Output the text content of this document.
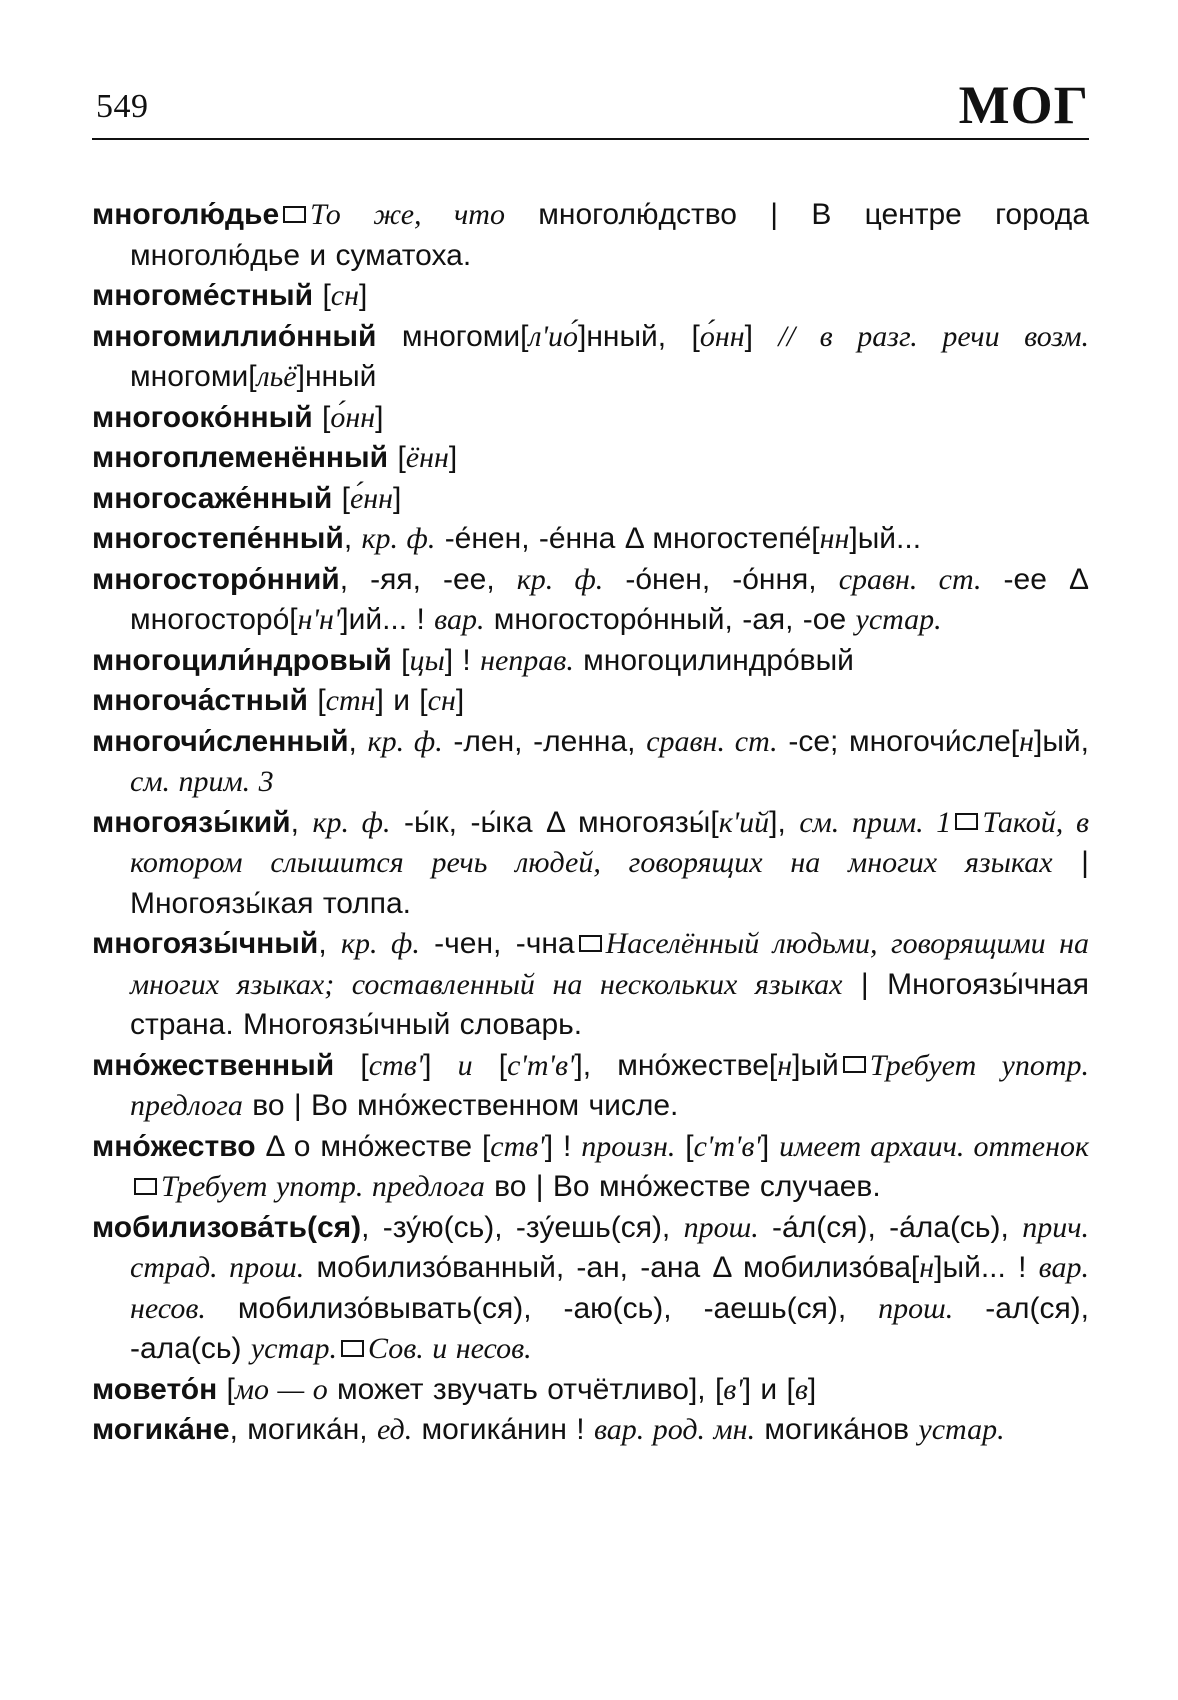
549	МОГ
многолю́дье То же, что многолю́дство | В центре города многолю́дье и суматоха.
многоме́стный [сн]
многомиллио́нный многоми[л'ио́]нный, [о́нн] // в разг. речи возм. многоми[льё]нный
многооко́нный [о́нн]
многоплеменённый [ённ]
многосаже́нный [е́нн]
многостепе́нный, кр. ф. -е́нен, -е́нна Δ многостепе́[нн]ый...
многосторо́нний, -яя, -ее, кр. ф. -о́нен, -о́ння, сравн. ст. -ее Δ многосторо́[н'н']ий... ! вар. многосторо́нный, -ая, -ое устар.
многоцили́ндровый [цы] ! неправ. многоцилиндро́вый
многоча́стный [стн] и [сн]
многочи́сленный, кр. ф. -лен, -ленна, сравн. ст. -се; многочи́сле[н]ый, см. прим. 3
многоязы́кий, кр. ф. -ы́к, -ы́ка Δ многоязы́[к'ий], см. прим. 1 Такой, в котором слышится речь людей, говорящих на многих языках | Многоязы́кая толпа.
многоязы́чный, кр. ф. -чен, -чна Населённый людьми, говорящими на многих языках; составленный на нескольких языках | Многоязы́чная страна. Многоязы́чный словарь.
мно́жественный [ств'] и [с'т'в'], мно́жестве[н]ый Требует употр. предлога во | Во мно́жественном числе.
мно́жество Δ о мно́жестве [ств'] ! произн. [с'т'в'] имеет архаич. оттенокТребует употр. предлога во | Во мно́жестве случаев.
мобилизова́ть(ся), -зу́ю(сь), -зу́ешь(ся), прош. -а́л(ся), -а́ла(сь), прич. страд. прош. мобилизо́ванный, -ан, -ана Δ мобилизо́ва[н]ый... ! вар. несов. мобилизо́вывать(ся), -аю(сь), -аешь(ся), прош. -ал(ся), -ала(сь) устар. Сов. и несов.
мовето́н [мо — о может звучать отчётливо], [в'] и [в]
могика́не, могика́н, ед. могика́нин ! вар. род. мн. могика́нов устар.
